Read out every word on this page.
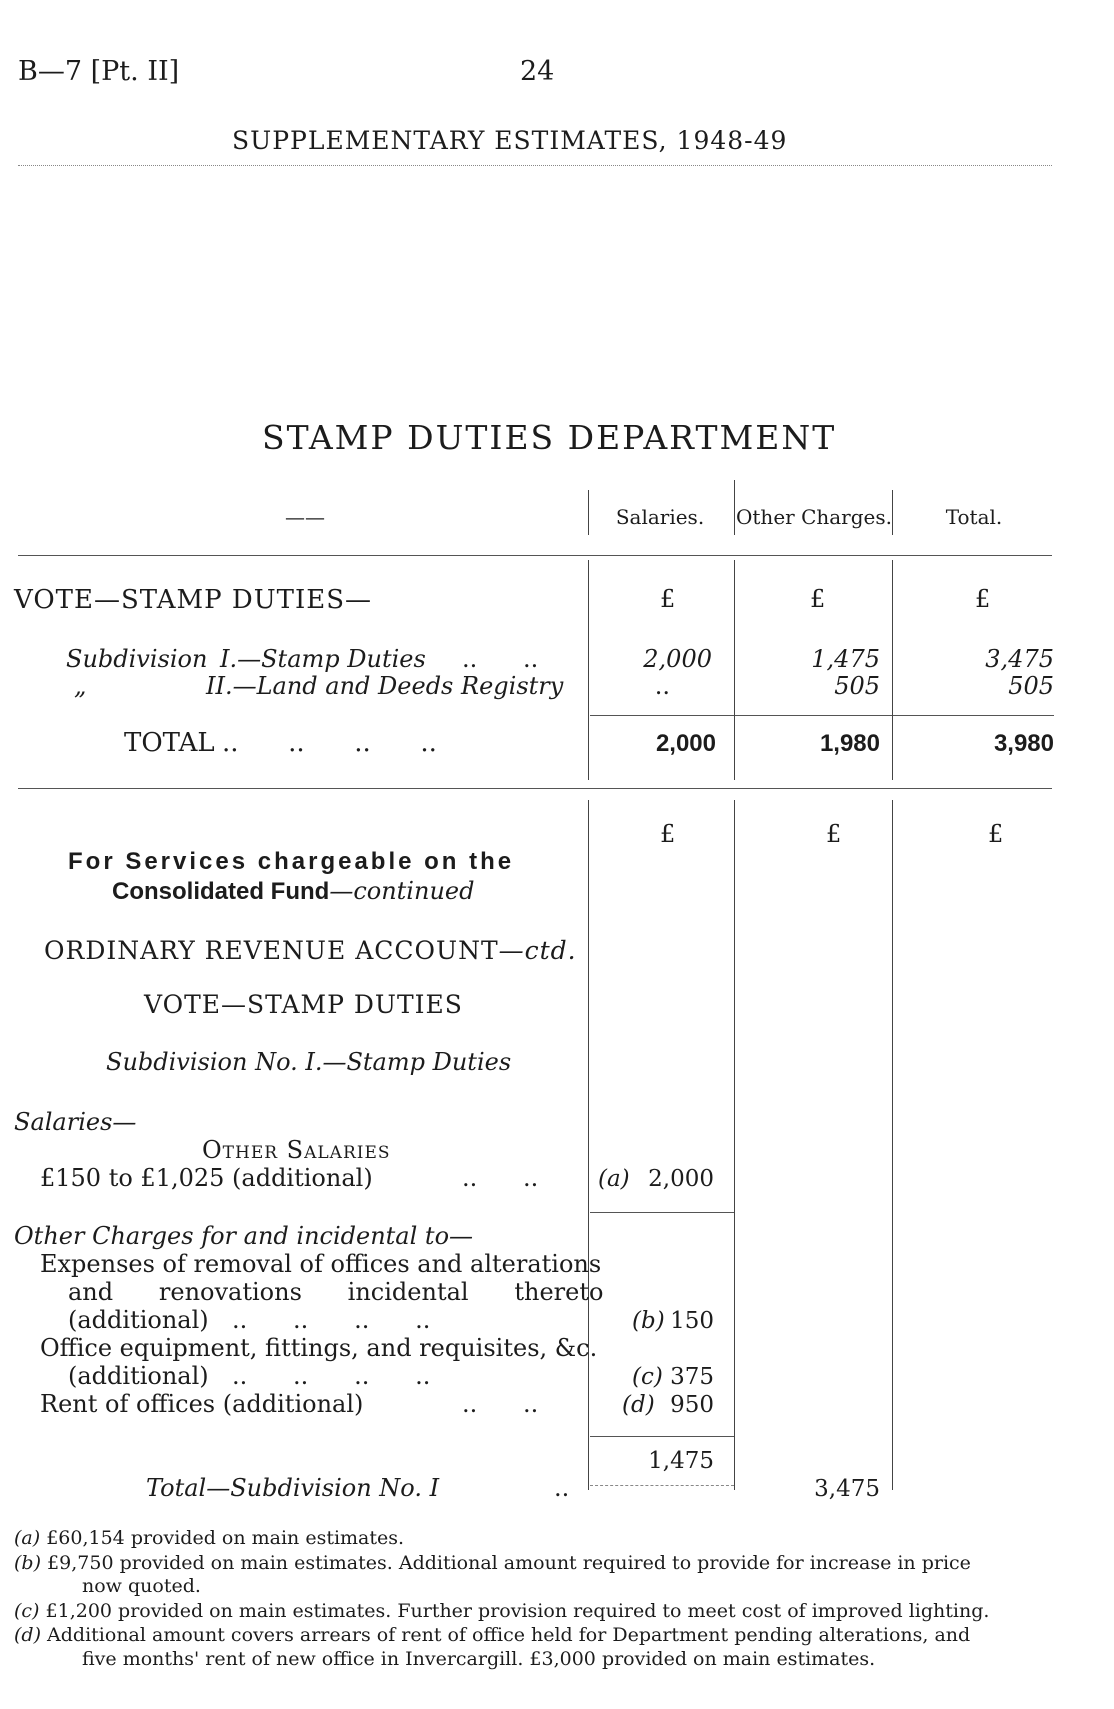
B—7 [Pt. II]	24
SUPPLEMENTARY ESTIMATES, 1948-49
STAMP DUTIES DEPARTMENT
——	Salaries.	Other Charges.	Total.
VOTE—STAMP DUTIES—	£	£	£
Subdivision I.—Stamp Duties ..      ..	2,000	1,475	3,475
„	II.—Land and Deeds Registry	..	505	505
TOTAL ..      ..      ..      ..	2,000	1,980	3,980
£	£	£
For Services chargeable on the
Consolidated Fund—continued
ORDINARY REVENUE ACCOUNT—ctd.
VOTE—STAMP DUTIES
Subdivision No. I.—Stamp Duties
Salaries—
Other Salaries
£150 to £1,025 (additional)	..      ..	(a) 2,000
Other Charges for and incidental to—
Expenses of removal of offices and alterations
and      renovations      incidental      thereto
(additional) ..      ..      ..      ..	(b) 150
Office equipment, fittings, and requisites, &c.
(additional) ..      ..      ..      ..	(c) 375
Rent of offices (additional)	..      ..	(d) 950
1,475
Total—Subdivision No. I	..	3,475
(a) £60,154 provided on main estimates.
(b) £9,750 provided on main estimates. Additional amount required to provide for increase in price
now quoted.
(c) £1,200 provided on main estimates. Further provision required to meet cost of improved lighting.
(d) Additional amount covers arrears of rent of office held for Department pending alterations, and
five months' rent of new office in Invercargill. £3,000 provided on main estimates.
